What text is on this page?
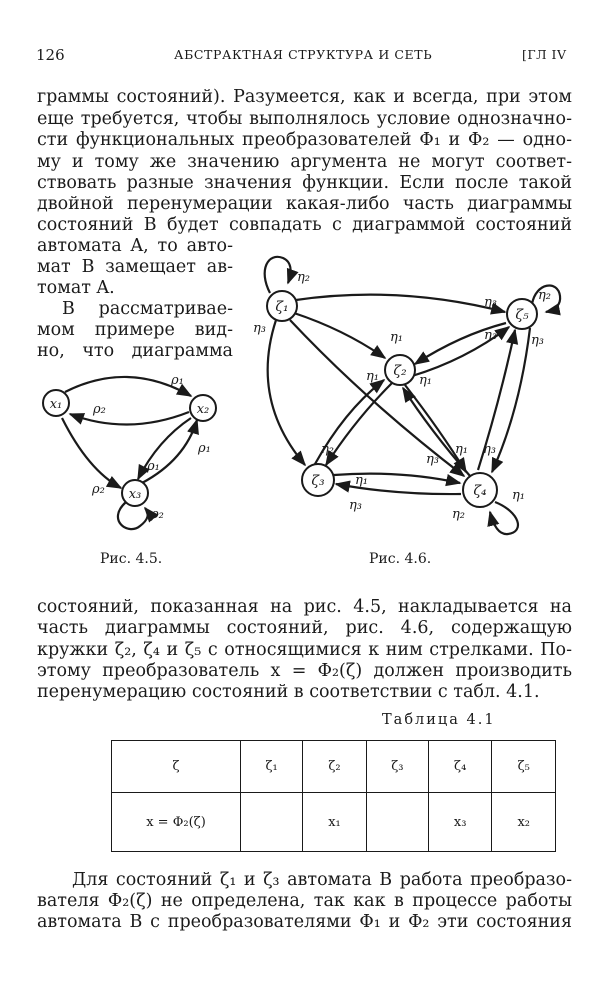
126	АБСТРАКТНАЯ СТРУКТУРА И СЕТЬ	[ГЛ IV
граммы состояний). Разумеется, как и всегда, при этом
еще требуется, чтобы выполнялось условие однозначно-
сти функциональных преобразователей Φ₁ и Φ₂ — одно-
му и тому же значению аргумента не могут соответ-
ствовать разные значения функции. Если после такой
двойной перенумерации какая-либо часть диаграммы
состояний B будет совпадать с диаграммой состояний
автомата A, то авто-
мат B замещает ав-
томат A.
В рассматривае-
мом примере вид-
но, что диаграмма
x₁	x₂
x₃
ρ₁
ρ₂
ρ₁
ρ₁
ρ₂
ρ₂
ζ₁
ζ₂
ζ₃
ζ₄
ζ₅
η₂
η₃
η₁
η₃	η₂
η₁
η₃
η₁
η₃
η₂
η₃
η₁ η₃
η₁
η₃
η₁
η₂
Рис. 4.5.	Рис. 4.6.
состояний, показанная на рис. 4.5, накладывается на
часть диаграммы состояний, рис. 4.6, содержащую
кружки ζ₂, ζ₄ и ζ₅ с относящимися к ним стрелками. По-
этому преобразователь x = Φ₂(ζ) должен производить
перенумерацию состояний в соответствии с табл. 4.1.
Таблица 4.1
ζ	ζ₁	ζ₂	ζ₃	ζ₄	ζ₅
x = Φ₂(ζ)		x₁		x₃	x₂
Для состояний ζ₁ и ζ₃ автомата B работа преобразо-
вателя Φ₂(ζ) не определена, так как в процессе работы
автомата B с преобразователями Φ₁ и Φ₂ эти состояния
